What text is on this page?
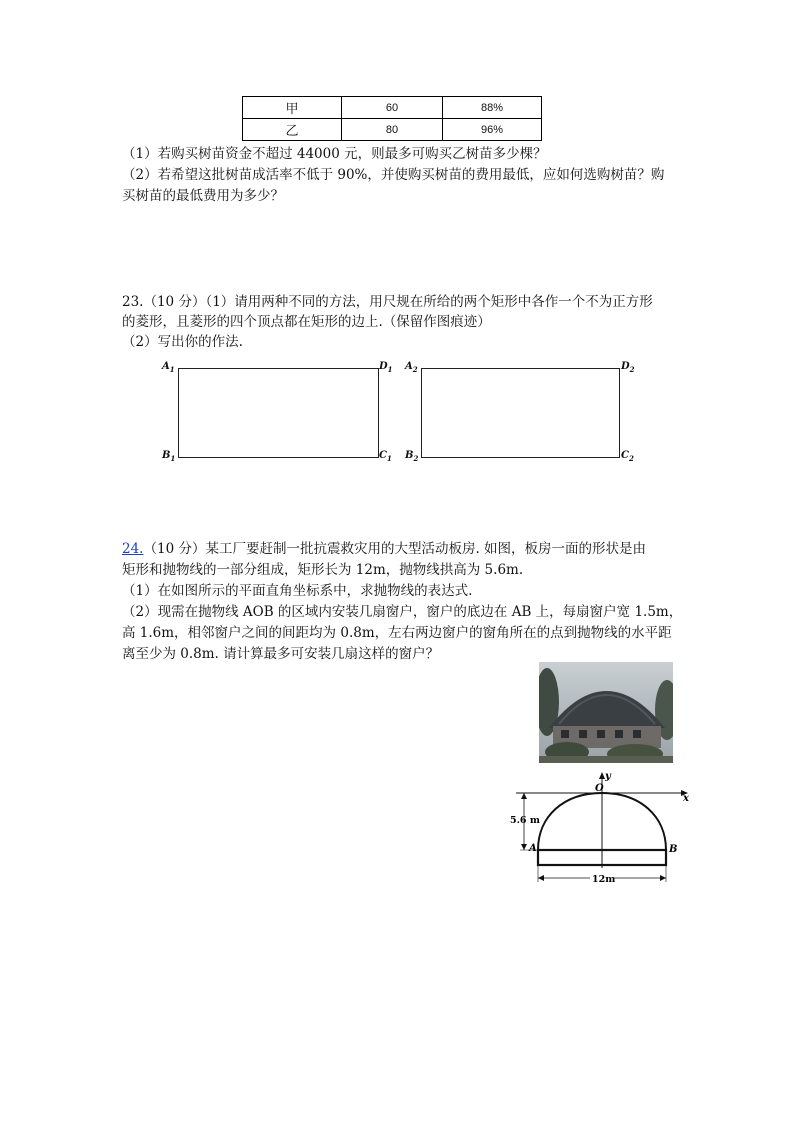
甲	60	88%
乙	80	96%
（1）若购买树苗资金不超过 44000 元，则最多可购买乙树苗多少棵？
（2）若希望这批树苗成活率不低于 90%，并使购买树苗的费用最低，应如何选购树苗？购
买树苗的最低费用为多少？
23.（10 分）（1）请用两种不同的方法，用尺规在所给的两个矩形中各作一个不为正方形
的菱形，且菱形的四个顶点都在矩形的边上.（保留作图痕迹）
（2）写出你的作法.
$A_1$
$B_1$	$C_1$
$D_1$ $A_2$
$B_2$	$C_2$
$D_2$
24.（10 分）某工厂要赶制一批抗震救灾用的大型活动板房. 如图，板房一面的形状是由
矩形和抛物线的一部分组成，矩形长为 12m，抛物线拱高为 5.6m.
（1）在如图所示的平面直角坐标系中，求抛物线的表达式.
（2）现需在抛物线 AOB 的区域内安装几扇窗户，窗户的底边在 AB 上，每扇窗户宽 1.5m，
高 1.6m，相邻窗户之间的间距均为 0.8m，左右两边窗户的窗角所在的点到抛物线的水平距
离至少为 0.8m. 请计算最多可安装几扇这样的窗户？
y
x
O
A	B
5.6 m
12m
